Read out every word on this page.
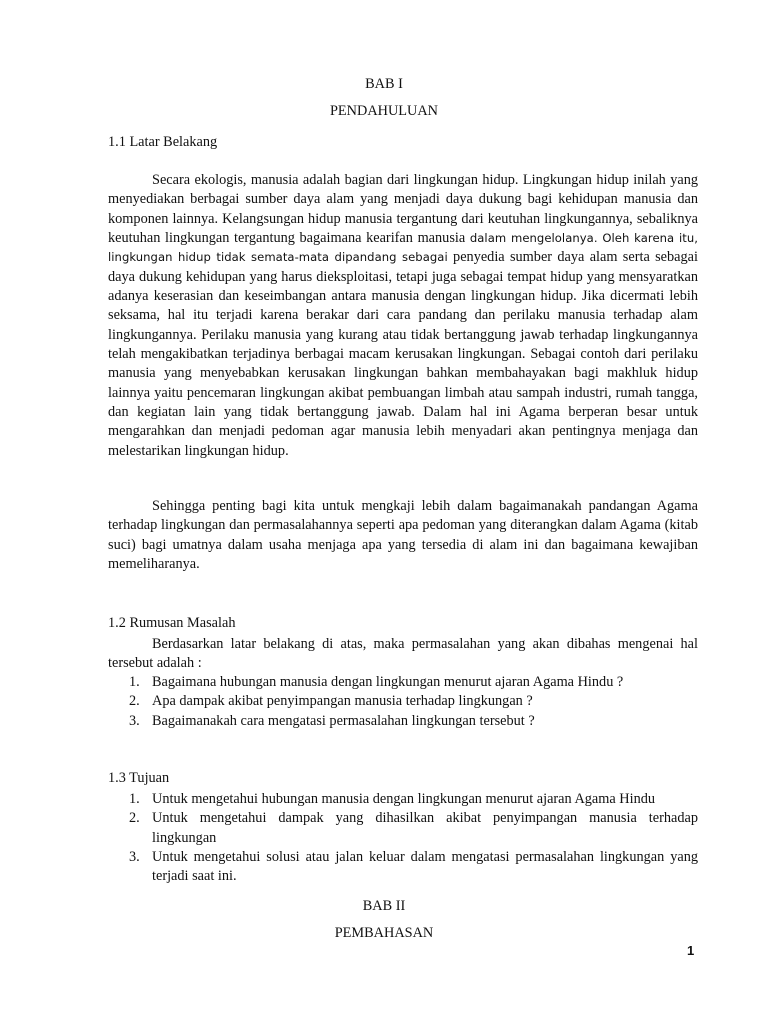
BAB I

PENDAHULUAN

1.1 Latar Belakang

Secara ekologis, manusia adalah bagian dari lingkungan hidup. Lingkungan hidup inilah yang menyediakan berbagai sumber daya alam yang menjadi daya dukung bagi kehidupan manusia dan komponen lainnya. Kelangsungan hidup manusia tergantung dari keutuhan lingkungannya, sebaliknya keutuhan lingkungan tergantung bagaimana kearifan manusia dalam mengelolanya. Oleh karena itu, lingkungan hidup tidak semata-mata dipandang sebagai penyedia sumber daya alam serta sebagai daya dukung kehidupan yang harus dieksploitasi, tetapi juga sebagai tempat hidup yang mensyaratkan adanya keserasian dan keseimbangan antara manusia dengan lingkungan hidup. Jika dicermati lebih seksama, hal itu terjadi karena berakar dari cara pandang dan perilaku manusia terhadap alam lingkungannya. Perilaku manusia yang kurang atau tidak bertanggung jawab terhadap lingkungannya telah mengakibatkan terjadinya berbagai macam kerusakan lingkungan. Sebagai contoh dari perilaku manusia yang menyebabkan kerusakan lingkungan bahkan membahayakan bagi makhluk hidup lainnya yaitu pencemaran lingkungan akibat pembuangan limbah atau sampah industri, rumah tangga, dan kegiatan lain yang tidak bertanggung jawab. Dalam hal ini Agama berperan besar untuk mengarahkan dan menjadi pedoman agar manusia lebih menyadari akan pentingnya menjaga dan melestarikan lingkungan hidup.
Sehingga penting bagi kita untuk mengkaji lebih dalam bagaimanakah pandangan Agama terhadap lingkungan dan permasalahannya seperti apa pedoman yang diterangkan dalam Agama (kitab suci) bagi umatnya dalam usaha menjaga apa yang tersedia di alam ini dan bagaimana kewajiban memeliharanya.

1.2 Rumusan Masalah

Berdasarkan latar belakang di atas, maka permasalahan yang akan dibahas mengenai hal tersebut adalah :
1. Bagaimana hubungan manusia dengan lingkungan menurut ajaran Agama Hindu ?
2. Apa dampak akibat penyimpangan manusia terhadap lingkungan ?
3. Bagaimanakah cara mengatasi permasalahan lingkungan tersebut ?

1.3 Tujuan

1. Untuk mengetahui hubungan manusia dengan lingkungan menurut ajaran Agama Hindu
2. Untuk mengetahui dampak yang dihasilkan akibat penyimpangan manusia terhadap lingkungan
3. Untuk mengetahui solusi atau jalan keluar dalam mengatasi permasalahan lingkungan yang terjadi saat ini.

BAB II

PEMBAHASAN

1
